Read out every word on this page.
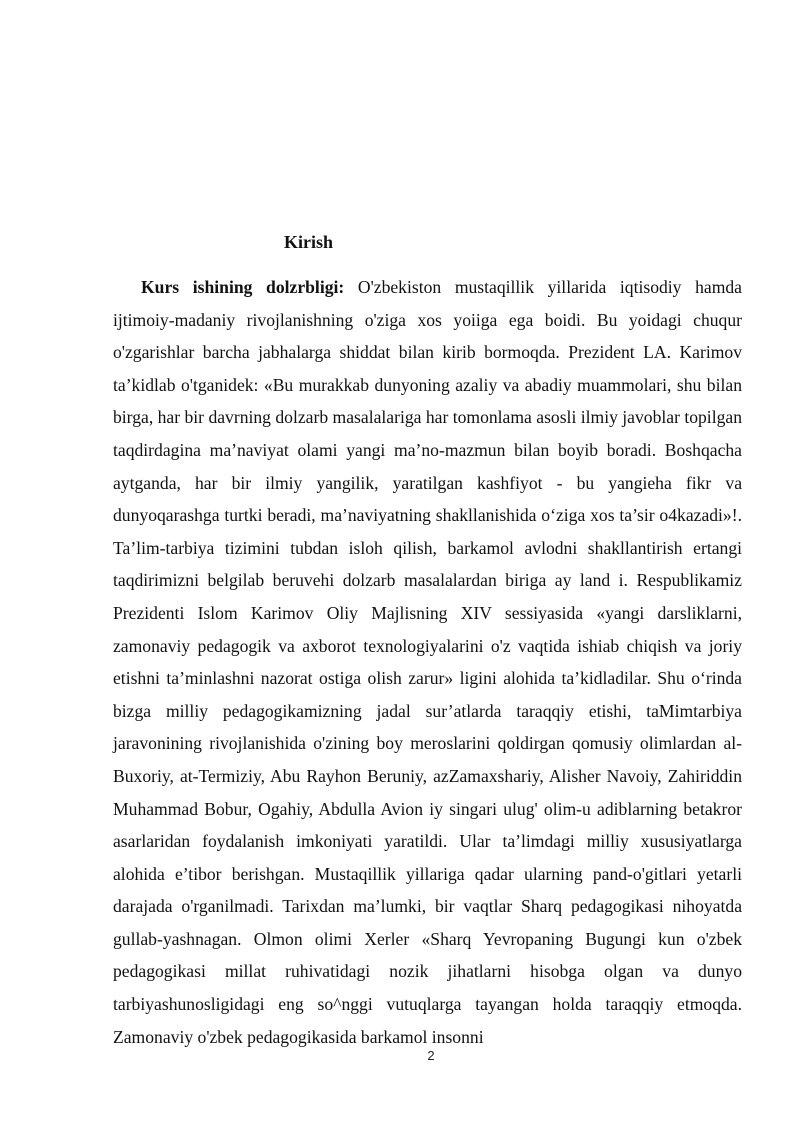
Kirish

Kurs ishining dolzrbligi: O'zbekiston mustaqillik yillarida iqtisodiy hamda ijtimoiy-madaniy rivojlanishning o'ziga xos yoiiga ega boidi. Bu yoidagi chuqur o'zgarishlar barcha jabhalarga shiddat bilan kirib bormoqda. Prezident LA. Karimov ta’kidlab o'tganidek: «Bu murakkab dunyoning azaliy va abadiy muammolari, shu bilan birga, har bir davrning dolzarb masalalariga har tomonlama asosli ilmiy javoblar topilgan taqdirdagina ma’naviyat olami yangi ma’no-mazmun bilan boyib boradi. Boshqacha aytganda, har bir ilmiy yangilik, yaratilgan kashfiyot - bu yangieha fikr va dunyoqarashga turtki beradi, ma’naviyatning shakllanishida o‘ziga xos ta’sir o4kazadi»!. Ta’lim-tarbiya tizimini tubdan isloh qilish, barkamol avlodni shakllantirish ertangi taqdirimizni belgilab beruvehi dolzarb masalalardan biriga ay land i. Respublikamiz Prezidenti Islom Karimov Oliy Majlisning XIV sessiyasida «yangi darsliklarni, zamonaviy pedagogik va axborot texnologiyalarini o'z vaqtida ishiab chiqish va joriy etishni ta’minlashni nazorat ostiga olish zarur» ligini alohida ta’kidladilar. Shu o‘rinda bizga milliy pedagogikamizning jadal sur’atlarda taraqqiy etishi, taMimtarbiya jaravonining rivojlanishida o'zining boy meroslarini qoldirgan qomusiy olimlardan al-Buxoriy, at-Termiziy, Abu Rayhon Beruniy, azZamaxshariy, Alisher Navoiy, Zahiriddin Muhammad Bobur, Ogahiy, Abdulla Avion iy singari ulug' olim-u adiblarning betakror asarlaridan foydalanish imkoniyati yaratildi. Ular ta’limdagi milliy xususiyatlarga alohida e’tibor berishgan. Mustaqillik yillariga qadar ularning pand-o'gitlari yetarli darajada o'rganilmadi. Tarixdan ma’lumki, bir vaqtlar Sharq pedagogikasi nihoyatda gullab-yashnagan. Olmon olimi Xerler «Sharq Yevropaning Bugungi kun o'zbek pedagogikasi millat ruhivatidagi nozik jihatlarni hisobga olgan va dunyo tarbiyashunosligidagi eng so^nggi vutuqlarga tayangan holda taraqqiy etmoqda. Zamonaviy o'zbek pedagogikasida barkamol insonni

2
